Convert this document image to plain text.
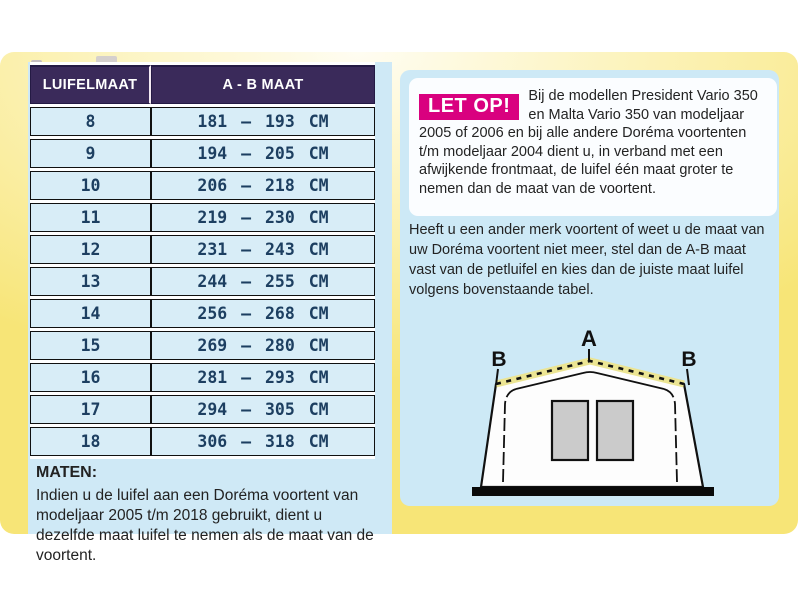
LUIFELMAAT	A - B MAAT
8	181 – 193 CM
9	194 – 205 CM
10	206 – 218 CM
11	219 – 230 CM
12	231 – 243 CM
13	244 – 255 CM
14	256 – 268 CM
15	269 – 280 CM
16	281 – 293 CM
17	294 – 305 CM
18	306 – 318 CM
MATEN:
Indien u de luifel aan een Doréma voortent van modeljaar 2005 t/m 2018 gebruikt, dient u dezelfde maat luifel te nemen als de maat van de voortent.
LET OP!	Bij de modellen President Vario 350 en Malta Vario 350 van modeljaar 2005 of 2006 en bij alle andere Doréma voortenten t/m modeljaar 2004 dient u, in verband met een afwijkende frontmaat, de luifel één maat groter te nemen dan de maat van de voortent.

Heeft u een ander merk voortent of weet u de maat van uw Doréma voortent niet meer, stel dan de A-B maat vast van de petluifel en kies dan de juiste maat luifel volgens bovenstaande tabel.

A
B	B
